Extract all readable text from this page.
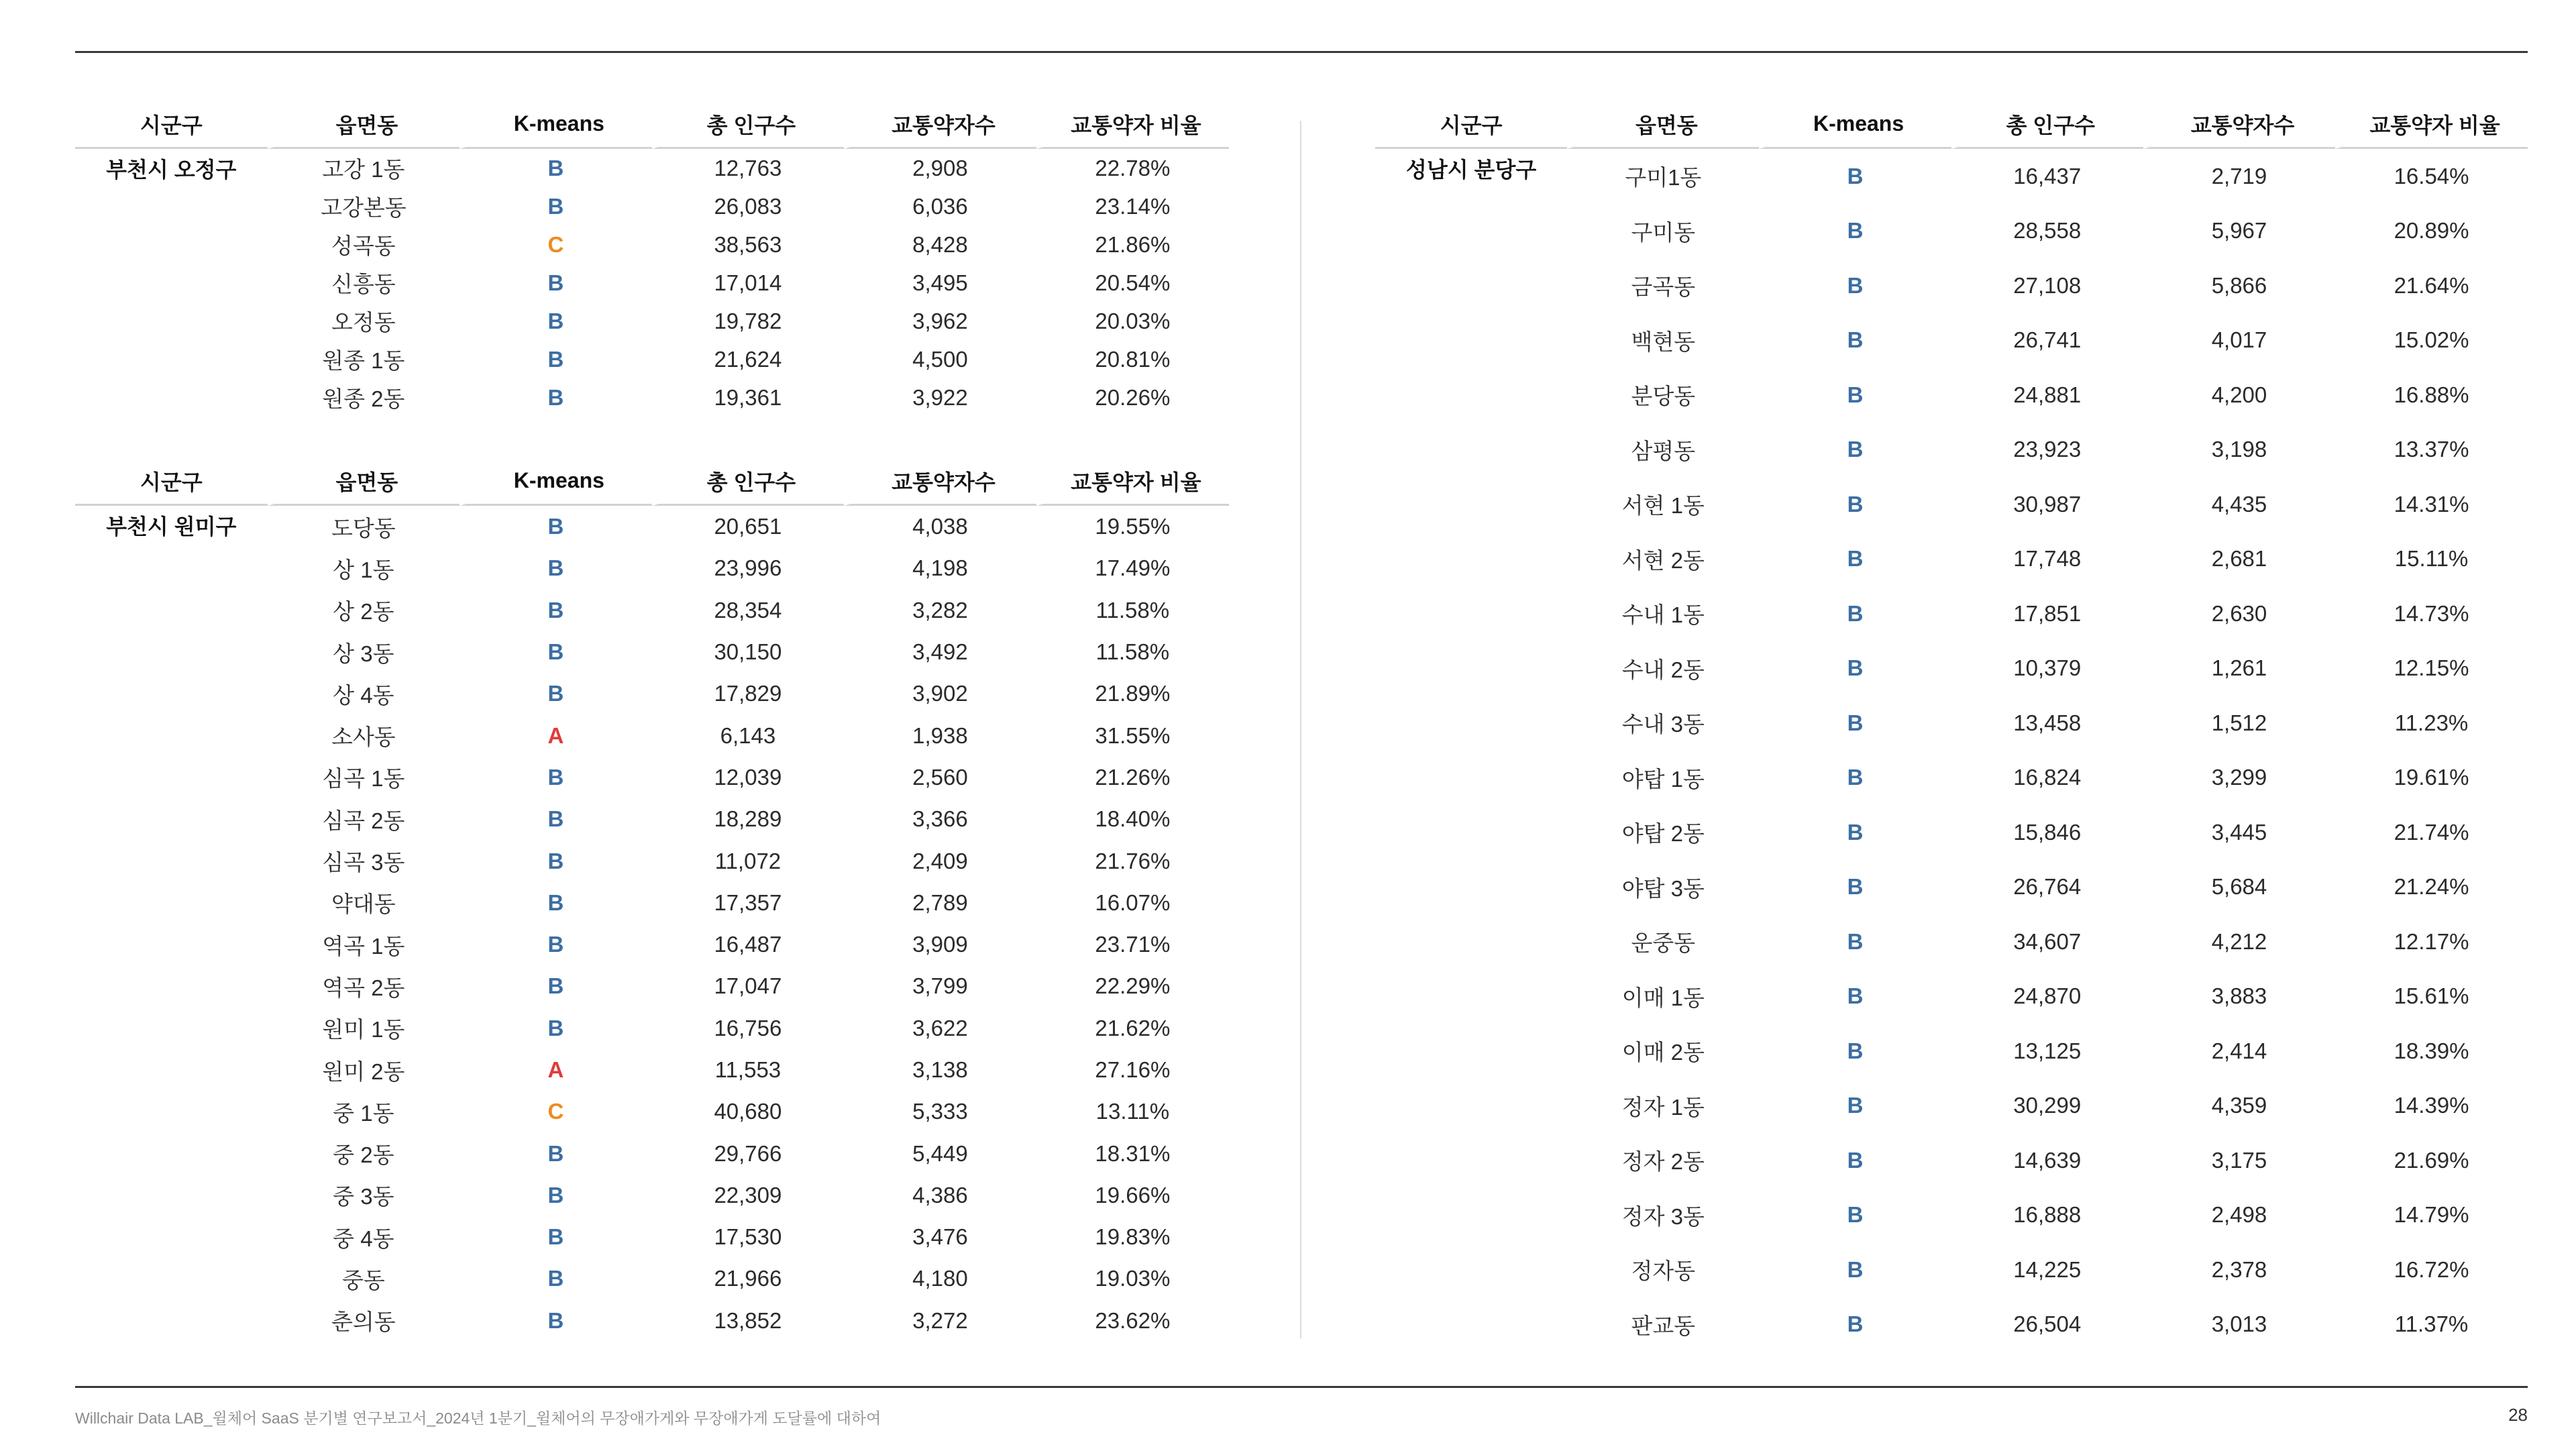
시군구	읍면동	K-means	총 인구수	교통약자수	교통약자 비율
부천시 오정구	고강 1동	B	12,763	2,908	22.78%
	고강본동	B	26,083	6,036	23.14%
	성곡동	C	38,563	8,428	21.86%
	신흥동	B	17,014	3,495	20.54%
	오정동	B	19,782	3,962	20.03%
	원종 1동	B	21,624	4,500	20.81%
	원종 2동	B	19,361	3,922	20.26%
시군구	읍면동	K-means	총 인구수	교통약자수	교통약자 비율
부천시 원미구	도당동	B	20,651	4,038	19.55%
	상 1동	B	23,996	4,198	17.49%
	상 2동	B	28,354	3,282	11.58%
	상 3동	B	30,150	3,492	11.58%
	상 4동	B	17,829	3,902	21.89%
	소사동	A	6,143	1,938	31.55%
	심곡 1동	B	12,039	2,560	21.26%
	심곡 2동	B	18,289	3,366	18.40%
	심곡 3동	B	11,072	2,409	21.76%
	약대동	B	17,357	2,789	16.07%
	역곡 1동	B	16,487	3,909	23.71%
	역곡 2동	B	17,047	3,799	22.29%
	원미 1동	B	16,756	3,622	21.62%
	원미 2동	A	11,553	3,138	27.16%
	중 1동	C	40,680	5,333	13.11%
	중 2동	B	29,766	5,449	18.31%
	중 3동	B	22,309	4,386	19.66%
	중 4동	B	17,530	3,476	19.83%
	중동	B	21,966	4,180	19.03%
	춘의동	B	13,852	3,272	23.62%
시군구	읍면동	K-means	총 인구수	교통약자수	교통약자 비율
성남시 분당구	구미1동	B	16,437	2,719	16.54%
	구미동	B	28,558	5,967	20.89%
	금곡동	B	27,108	5,866	21.64%
	백현동	B	26,741	4,017	15.02%
	분당동	B	24,881	4,200	16.88%
	삼평동	B	23,923	3,198	13.37%
	서현 1동	B	30,987	4,435	14.31%
	서현 2동	B	17,748	2,681	15.11%
	수내 1동	B	17,851	2,630	14.73%
	수내 2동	B	10,379	1,261	12.15%
	수내 3동	B	13,458	1,512	11.23%
	야탑 1동	B	16,824	3,299	19.61%
	야탑 2동	B	15,846	3,445	21.74%
	야탑 3동	B	26,764	5,684	21.24%
	운중동	B	34,607	4,212	12.17%
	이매 1동	B	24,870	3,883	15.61%
	이매 2동	B	13,125	2,414	18.39%
	정자 1동	B	30,299	4,359	14.39%
	정자 2동	B	14,639	3,175	21.69%
	정자 3동	B	16,888	2,498	14.79%
	정자동	B	14,225	2,378	16.72%
	판교동	B	26,504	3,013	11.37%
Willchair Data LAB_윌체어 SaaS 분기별 연구보고서_2024년 1분기_윌체어의 무장애가게와 무장애가게 도달률에 대하여	28
